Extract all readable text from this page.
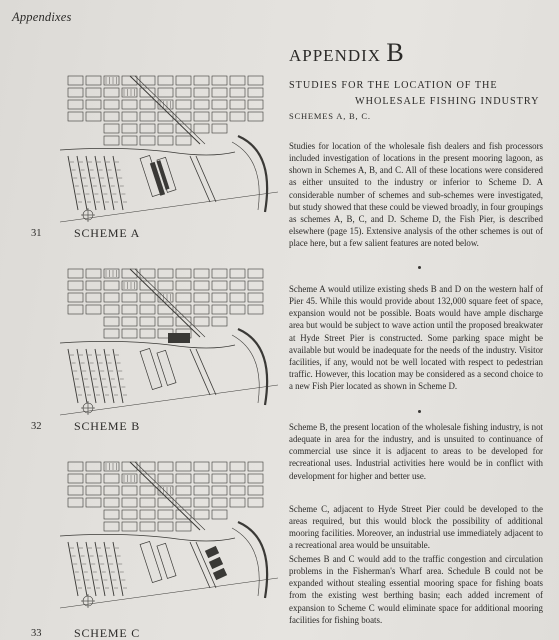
Appendixes
APPENDIX B
STUDIES FOR THE LOCATION OF THE
WHOLESALE FISHING INDUSTRY
SCHEMES A, B, C.
Studies for location of the wholesale fish dealers and fish processors included investigation of locations in the present mooring lagoon, as shown in Schemes A, B, and C. All of these locations were considered as either unsuited to the industry or inferior to Scheme D. A considerable number of schemes and sub-schemes were investigated, but study showed that these could be viewed broadly, in four groupings as schemes A, B, C, and D. Scheme D, the Fish Pier, is described elsewhere (page 15). Extensive analysis of the other schemes is out of place here, but a few salient features are noted below.
Scheme A would utilize existing sheds B and D on the western half of Pier 45. While this would provide about 132,000 square feet of space, expansion would not be possible. Boats would have ample discharge area but would be subject to wave action until the proposed breakwater at Hyde Street Pier is constructed. Some parking space might be available but would be inadequate for the needs of the industry. Visitor facilities, if any, would not be well located with respect to pedestrian traffic. However, this location may be considered as a second choice to a new Fish Pier located as shown in Scheme D.
Scheme B, the present location of the wholesale fishing industry, is not adequate in area for the industry, and is unsuited to continuance of commercial use since it is adjacent to areas to be developed for recreational uses. Industrial activities here would be in conflict with development for higher and better use.
Scheme C, adjacent to Hyde Street Pier could be developed to the areas required, but this would block the possibility of additional mooring facilities. Moreover, an industrial use immediately adjacent to a recreational area would be unsuitable.
Schemes B and C would add to the traffic congestion and circulation problems in the Fisherman's Wharf area. Schedule B could not be expanded without stealing essential mooring space for fishing boats from the existing west berthing basin; each added increment of expansion to Scheme C would eliminate space for additional mooring facilities for fishing boats.
31	SCHEME A
32	SCHEME B
33	SCHEME C
